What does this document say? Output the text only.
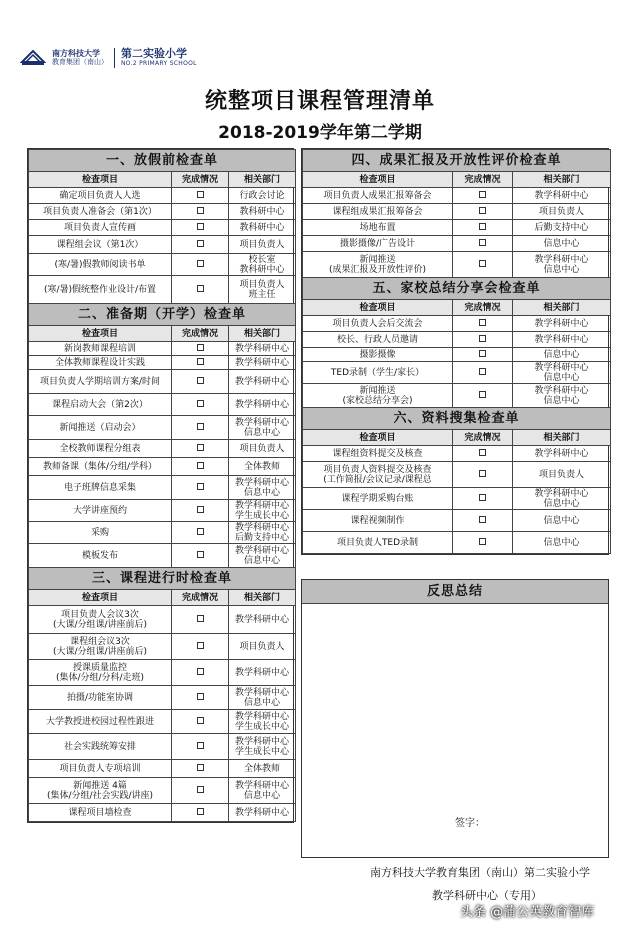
南方科技大学
教育集团（南山）
第二实验小学
NO.2 PRIMARY SCHOOL
统整项目课程管理清单
2018-2019学年第二学期
一、放假前检查单		
检查项目	完成情况	相关部门
确定项目负责人人选		行政会讨论
项目负责人准备会（第1次）		教科研中心
项目负责人宣传画		教科研中心
课程组会议（第1次）		项目负责人
(寒/暑)假教师阅读书单		校长室
教科研中心
(寒/暑)假统整作业设计/布置		项目负责人
班主任
二、准备期（开学）检查单		
检查项目	完成情况	相关部门
新岗教师课程培训		教学科研中心
全体教师课程设计实践		教学科研中心
项目负责人学期培训方案/时间		教学科研中心
课程启动大会（第2次）		教学科研中心
新闻推送（启动会）		教学科研中心
信息中心
全校教师课程分组表		项目负责人
教师备课（集体/分组/学科）		全体教师
电子班牌信息采集		教学科研中心
信息中心
大学讲座预约		教学科研中心
学生成长中心
采购		教学科研中心
后勤支持中心
模板发布		教学科研中心
信息中心
三、课程进行时检查单		
检查项目	完成情况	相关部门
项目负责人会议3次
(大课/分组课/讲座前后)		教学科研中心
课程组会议3次
(大课/分组课/讲座前后)		项目负责人
授课质量监控
(集体/分组/分科/走班)		教学科研中心
拍摄/功能室协调		教学科研中心
信息中心
大学教授进校园过程性跟进		教学科研中心
学生成长中心
社会实践统筹安排		教学科研中心
学生成长中心
项目负责人专项培训		全体教师
新闻推送 4篇
(集体/分组/社会实践/讲座)		教学科研中心
信息中心
课程项目墙检查		教学科研中心
四、成果汇报及开放性评价检查单		
检查项目	完成情况	相关部门
项目负责人成果汇报筹备会		教学科研中心
课程组成果汇报筹备会		项目负责人
场地布置		后勤支持中心
摄影摄像/广告设计		信息中心
新闻推送
(成果汇报及开放性评价)		教学科研中心
信息中心
五、家校总结分享会检查单		
检查项目	完成情况	相关部门
项目负责人会后交流会		教学科研中心
校长、行政人员邀请		教学科研中心
摄影摄像		信息中心
TED录制（学生/家长）		教学科研中心
信息中心
新闻推送
(家校总结分享会)		教学科研中心
信息中心
六、资料搜集检查单		
检查项目	完成情况	相关部门
课程组资料提交及核查		教学科研中心
项目负责人资料提交及核查
(工作简报/会议记录/课程总		项目负责人
课程学期采购台账		教学科研中心
信息中心
课程视频制作		信息中心
项目负责人TED录制		信息中心
反思总结
签字：
南方科技大学教育集团（南山）第二实验小学
教学科研中心（专用）
头条 @蒲公英教育智库
